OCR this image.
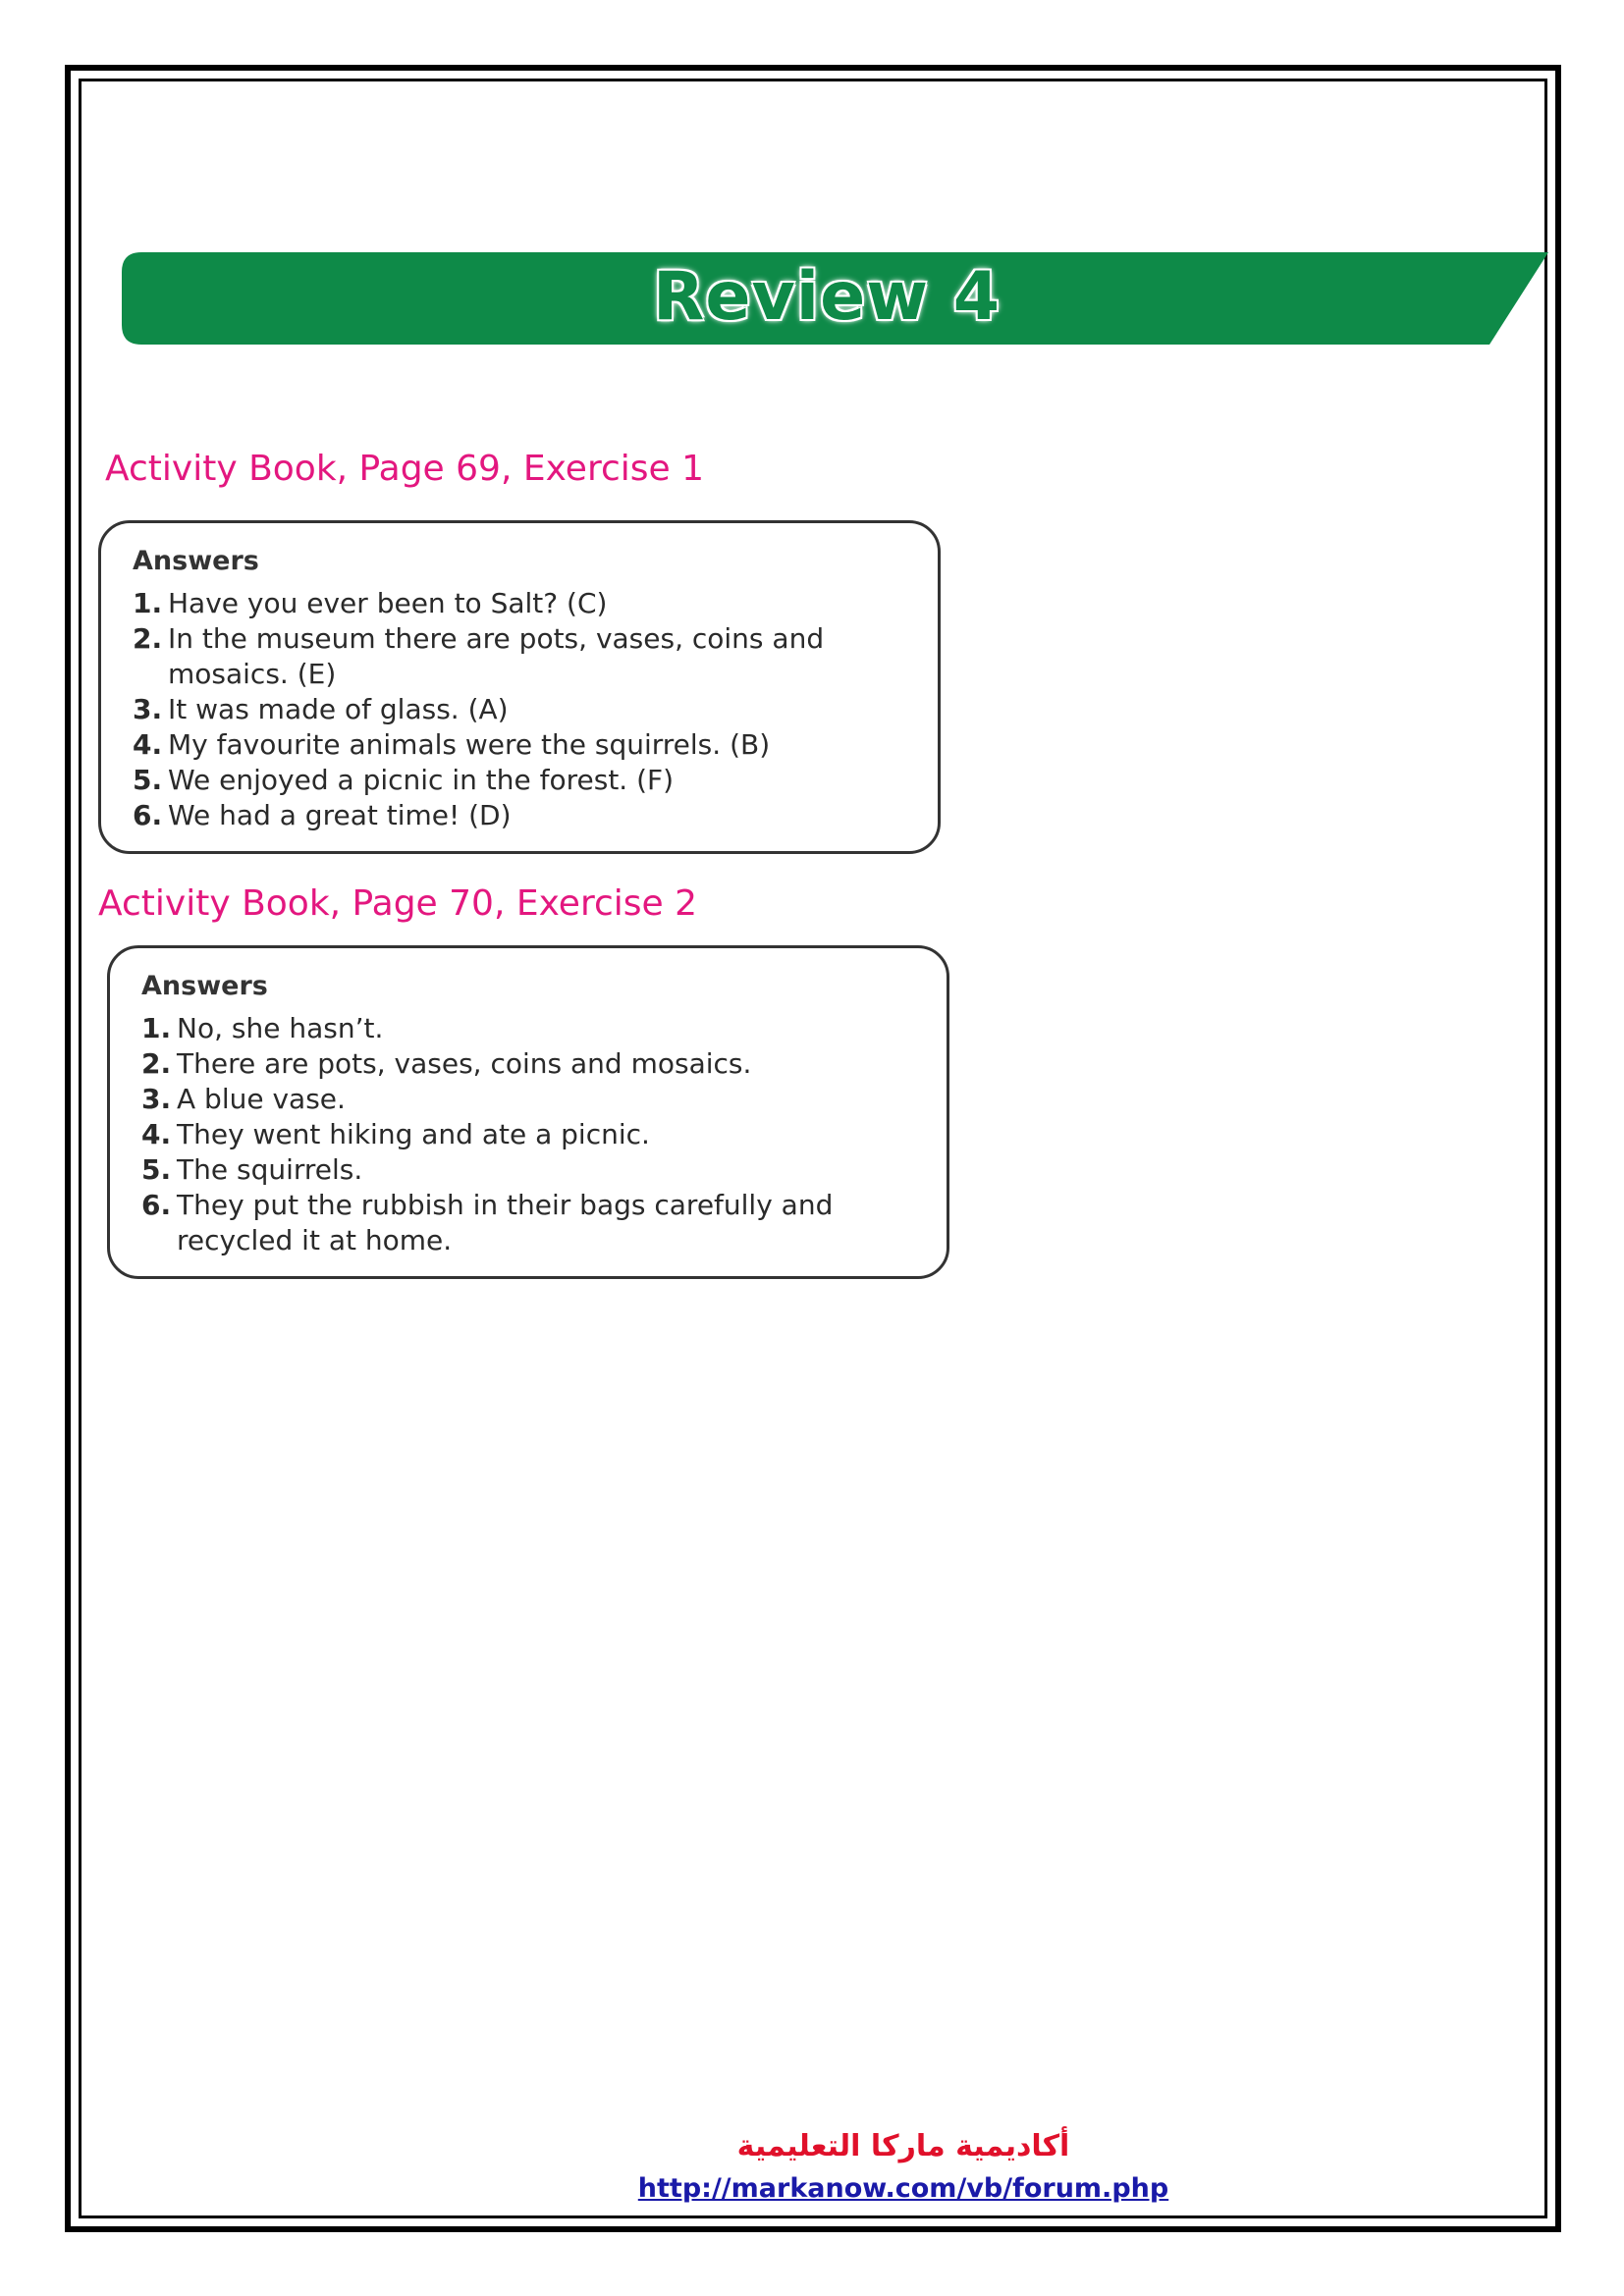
Review 4
Activity Book, Page 69, Exercise 1
Answers
1. Have you ever been to Salt? (C)
2. In the museum there are pots, vases, coins and mosaics. (E)
3. It was made of glass. (A)
4. My favourite animals were the squirrels. (B)
5. We enjoyed a picnic in the forest. (F)
6. We had a great time! (D)
Activity Book, Page 70, Exercise 2
Answers
1. No, she hasn’t.
2. There are pots, vases, coins and mosaics.
3. A blue vase.
4. They went hiking and ate a picnic.
5. The squirrels.
6. They put the rubbish in their bags carefully and recycled it at home.
أكاديمية ماركا التعليمية
http://markanow.com/vb/forum.php
